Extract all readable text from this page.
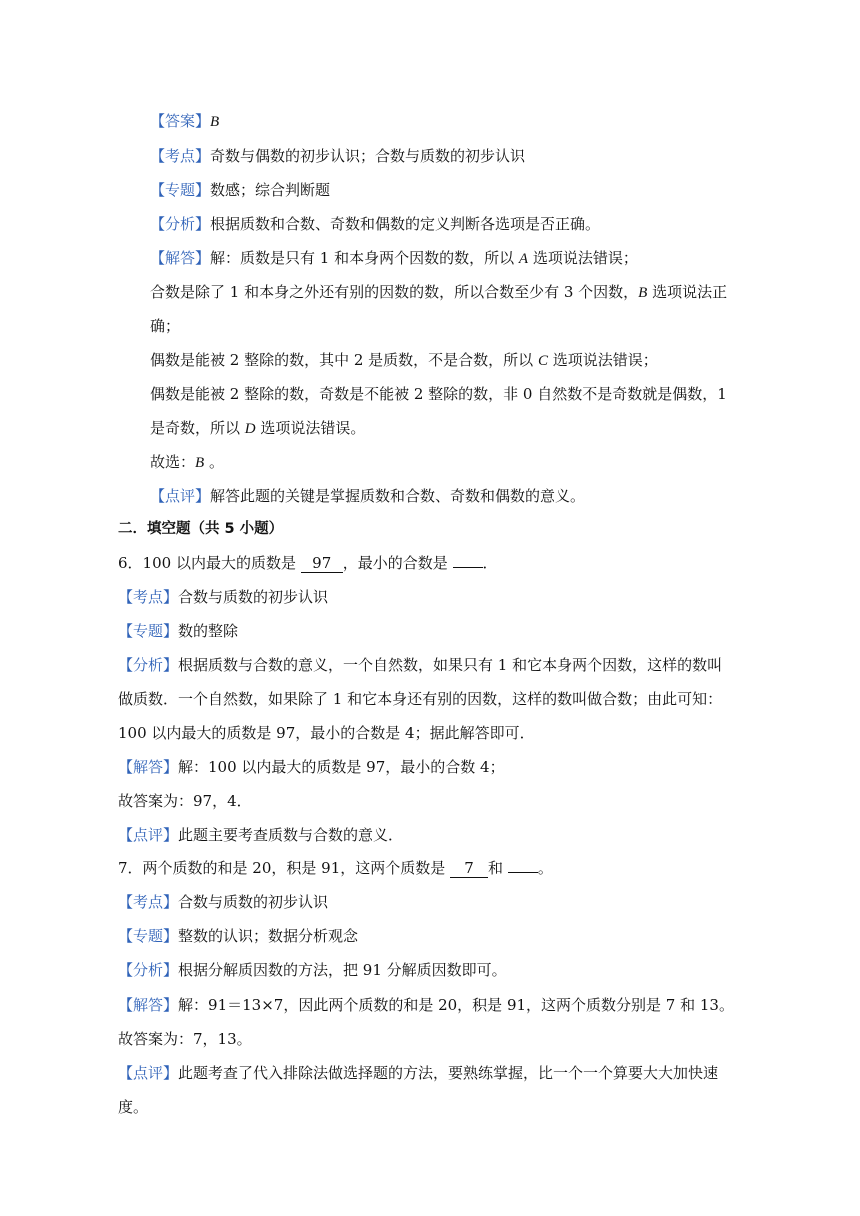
【答案】B
【考点】奇数与偶数的初步认识；合数与质数的初步认识
【专题】数感；综合判断题
【分析】根据质数和合数、奇数和偶数的定义判断各选项是否正确。
【解答】解：质数是只有 1 和本身两个因数的数，所以 A 选项说法错误；
合数是除了 1 和本身之外还有别的因数的数，所以合数至少有 3 个因数，B 选项说法正
确；
偶数是能被 2 整除的数，其中 2 是质数，不是合数，所以 C 选项说法错误；
偶数是能被 2 整除的数，奇数是不能被 2 整除的数，非 0 自然数不是奇数就是偶数，1
是奇数，所以 D 选项说法错误。
故选：B 。
【点评】解答此题的关键是掌握质数和合数、奇数和偶数的意义。
二．填空题（共 5 小题）
6．100 以内最大的质数是 97 ，最小的合数是 ．
【考点】合数与质数的初步认识
【专题】数的整除
【分析】根据质数与合数的意义，一个自然数，如果只有 1 和它本身两个因数，这样的数叫
做质数．一个自然数，如果除了 1 和它本身还有别的因数，这样的数叫做合数；由此可知：
100 以内最大的质数是 97，最小的合数是 4；据此解答即可．
【解答】解：100 以内最大的质数是 97，最小的合数 4；
故答案为：97，4．
【点评】此题主要考查质数与合数的意义．
7．两个质数的和是 20，积是 91，这两个质数是 7 和 。
【考点】合数与质数的初步认识
【专题】整数的认识；数据分析观念
【分析】根据分解质因数的方法，把 91 分解质因数即可。
【解答】解：91＝13×7，因此两个质数的和是 20，积是 91，这两个质数分别是 7 和 13。
故答案为：7，13。
【点评】此题考查了代入排除法做选择题的方法，要熟练掌握，比一个一个算要大大加快速
度。
